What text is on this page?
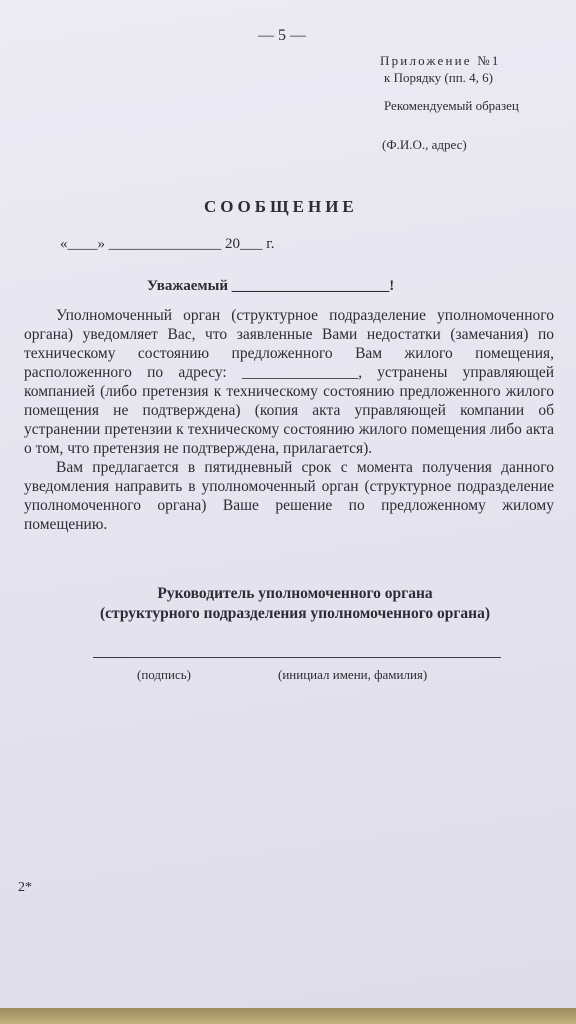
— 5 —
Приложение №1
к Порядку (пп. 4, 6)
Рекомендуемый образец
(Ф.И.О., адрес)
СООБЩЕНИЕ
«____» _______________ 20___ г.
Уважаемый _____________________!

Уполномоченный орган (структурное подразделение уполномоченного органа) уведомляет Вас, что заявленные Вами недостатки (замечания) по техническому состоянию предложенного Вам жилого помещения, расположенного по адресу: _______________, устранены управляющей компанией (либо претензия к техническому состоянию предложенного жилого помещения не подтверждена) (копия акта управляющей компании об устранении претензии к техническому состоянию жилого помещения либо акта о том, что претензия не подтверждена, прилагается).

Вам предлагается в пятидневный срок с момента получения данного уведомления направить в уполномоченный орган (структурное подразделение уполномоченного органа) Ваше решение по предложенному жилому помещению.

Руководитель уполномоченного органа
(структурного подразделения уполномоченного органа)
(подпись)	(инициал имени, фамилия)
2*
